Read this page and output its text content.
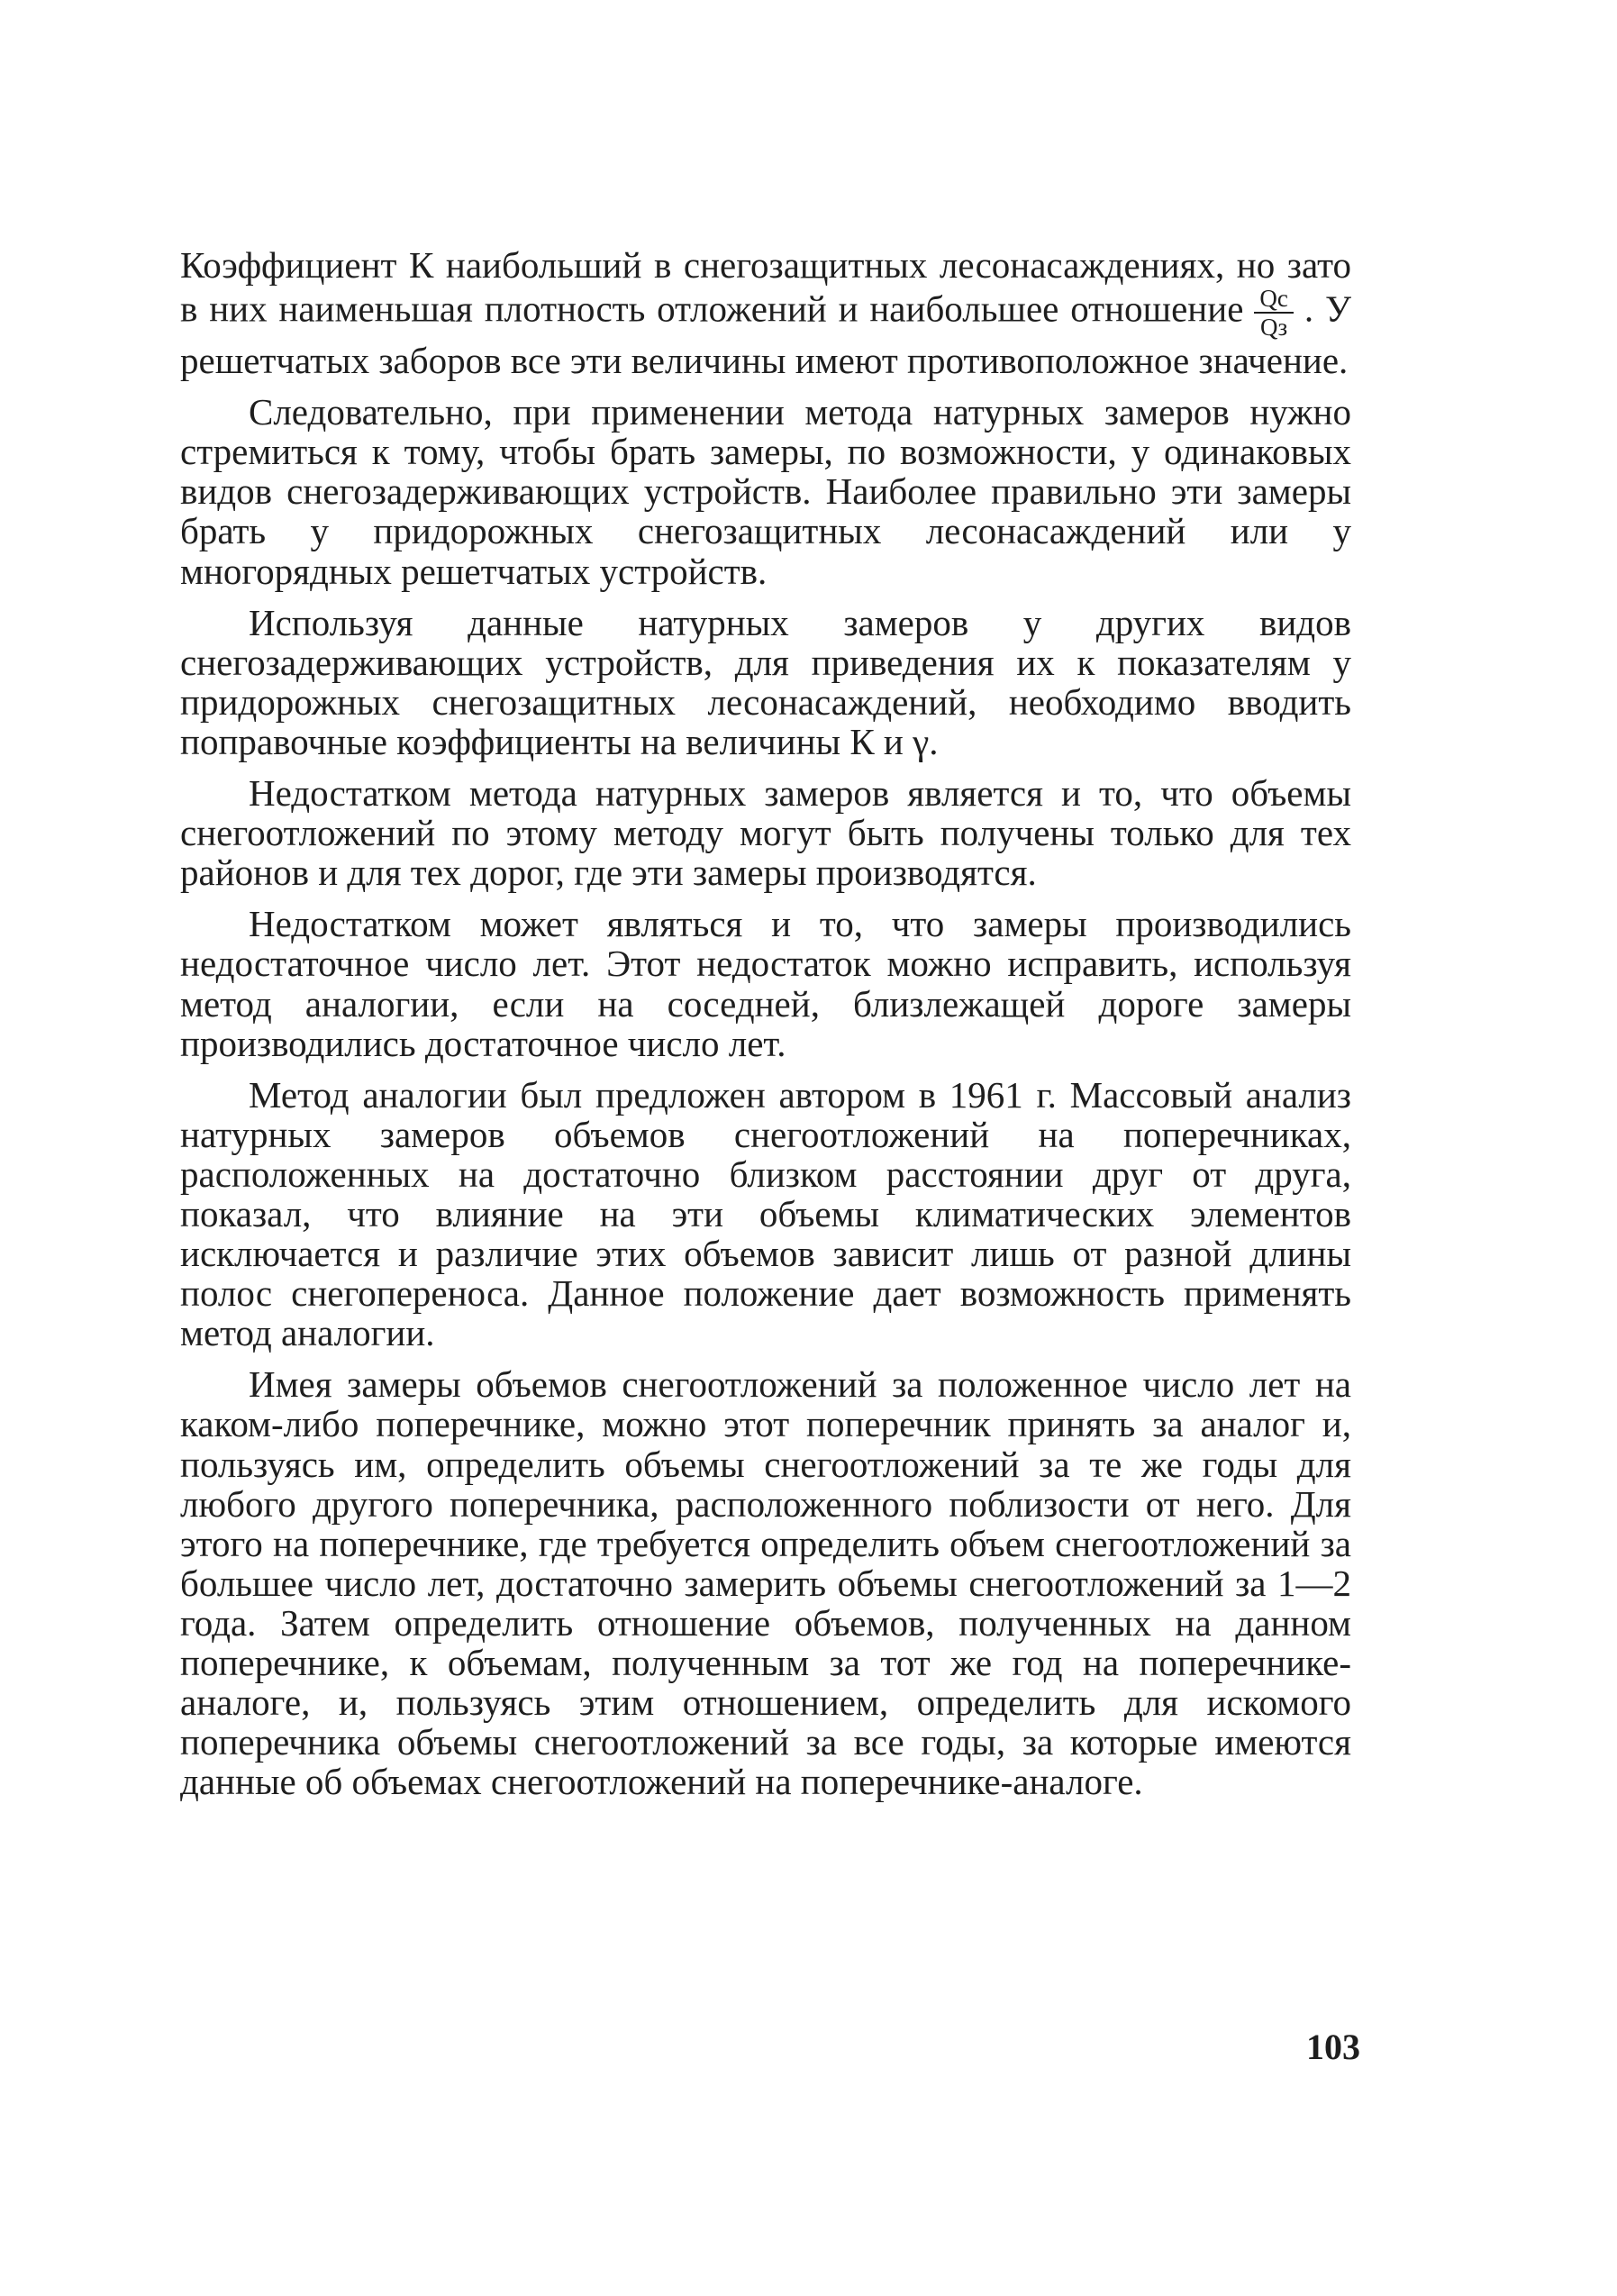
Коэффициент К наибольший в снегозащитных лесонасаждениях, но зато в них наименьшая плотность отложений и наибольшее отношение $\frac{Qс}{Qз}$ . У решетчатых заборов все эти величины имеют противоположное значение.

Следовательно, при применении метода натурных замеров нужно стремиться к тому, чтобы брать замеры, по возможности, у одинаковых видов снегозадерживающих устройств. Наиболее правильно эти замеры брать у придорожных снегозащитных лесонасаждений или у многорядных решетчатых устройств.

Используя данные натурных замеров у других видов снегозадерживающих устройств, для приведения их к показателям у придорожных снегозащитных лесонасаждений, необходимо вводить поправочные коэффициенты на величины К и γ.

Недостатком метода натурных замеров является и то, что объемы снегоотложений по этому методу могут быть получены только для тех районов и для тех дорог, где эти замеры производятся.

Недостатком может являться и то, что замеры производились недостаточное число лет. Этот недостаток можно исправить, используя метод аналогии, если на соседней, близлежащей дороге замеры производились достаточное число лет.

Метод аналогии был предложен автором в 1961 г. Массовый анализ натурных замеров объемов снегоотложений на поперечниках, расположенных на достаточно близком расстоянии друг от друга, показал, что влияние на эти объемы климатических элементов исключается и различие этих объемов зависит лишь от разной длины полос снегопереноса. Данное положение дает возможность применять метод аналогии.

Имея замеры объемов снегоотложений за положенное число лет на каком-либо поперечнике, можно этот поперечник принять за аналог и, пользуясь им, определить объемы снегоотложений за те же годы для любого другого поперечника, расположенного поблизости от него. Для этого на поперечнике, где требуется определить объем снегоотложений за большее число лет, достаточно замерить объемы снегоотложений за 1—2 года. Затем определить отношение объемов, полученных на данном поперечнике, к объемам, полученным за тот же год на поперечнике-аналоге, и, пользуясь этим отношением, определить для искомого поперечника объемы снегоотложений за все годы, за которые имеются данные об объемах снегоотложений на поперечнике-аналоге.

103
